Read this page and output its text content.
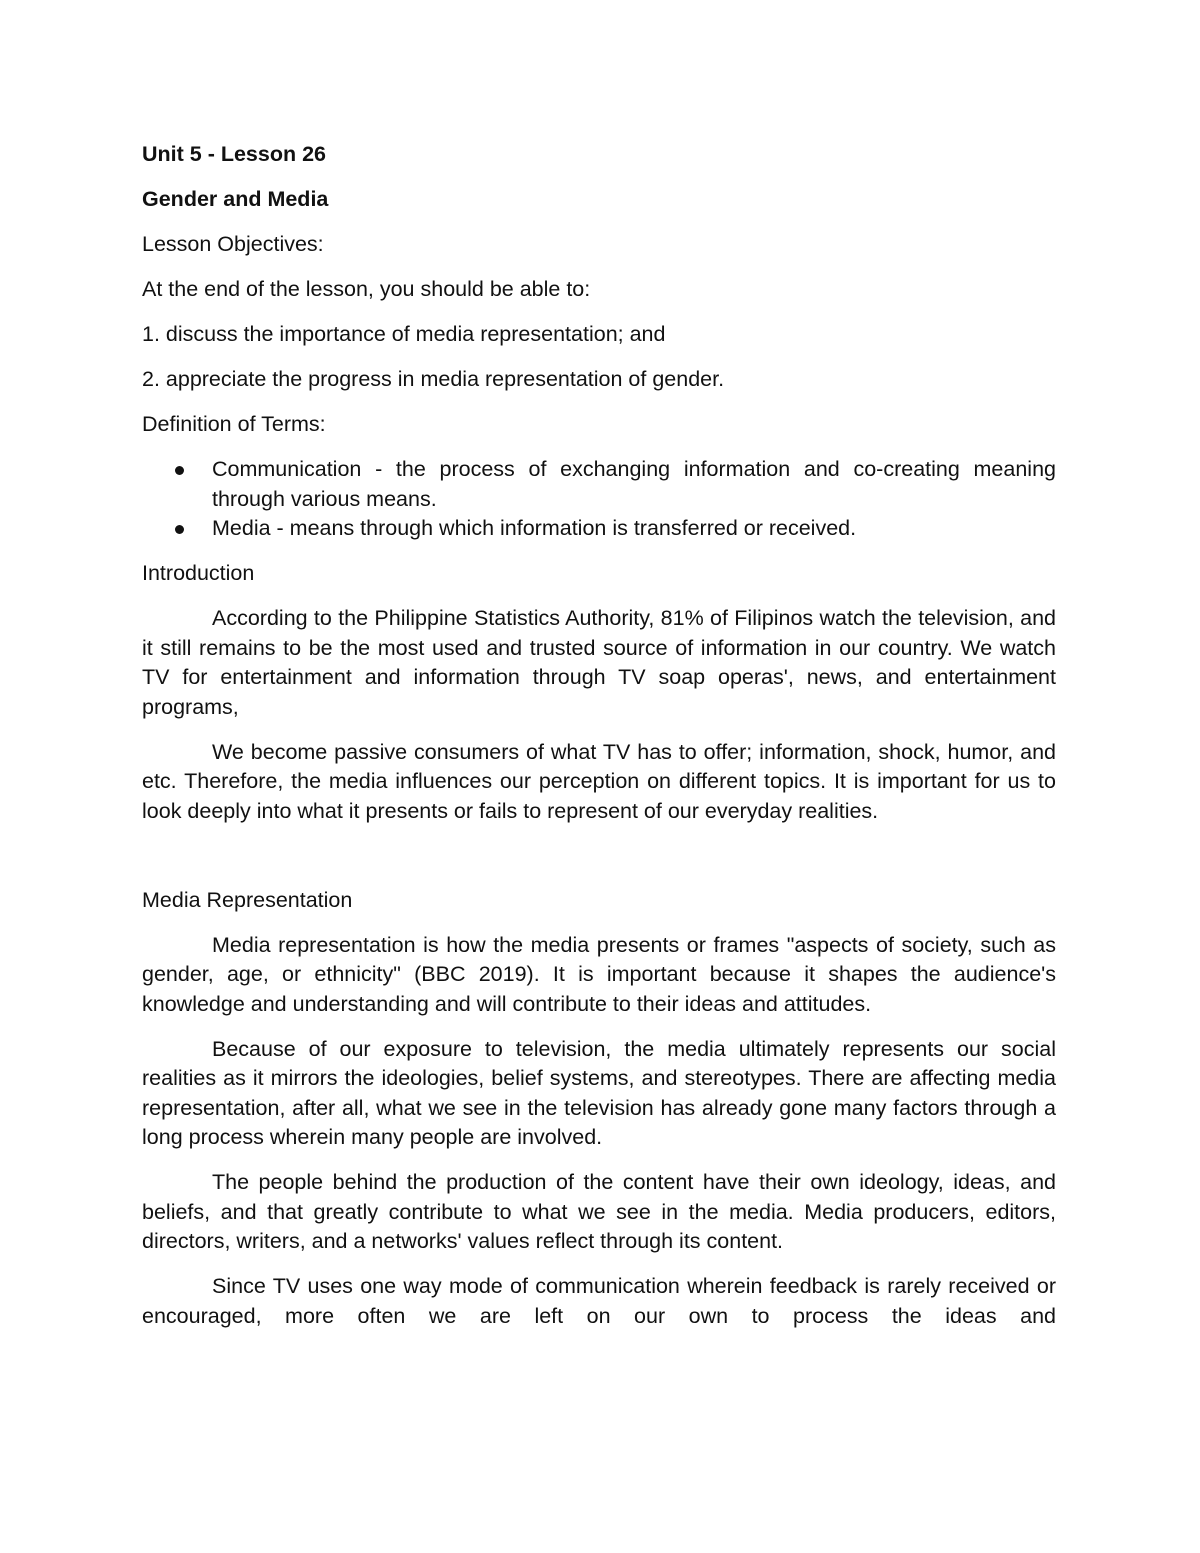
Unit 5 - Lesson 26
Gender and Media
Lesson Objectives:
At the end of the lesson, you should be able to:
1. discuss the importance of media representation; and
2. appreciate the progress in media representation of gender.
Definition of Terms:
Communication - the process of exchanging information and co-creating meaning through various means.
Media - means through which information is transferred or received.
Introduction

According to the Philippine Statistics Authority, 81% of Filipinos watch the television, and it still remains to be the most used and trusted source of information in our country. We watch TV for entertainment and information through TV soap operas', news, and entertainment programs,

We become passive consumers of what TV has to offer; information, shock, humor, and etc. Therefore, the media influences our perception on different topics. It is important for us to look deeply into what it presents or fails to represent of our everyday realities.

Media Representation

Media representation is how the media presents or frames "aspects of society, such as gender, age, or ethnicity" (BBC 2019). It is important because it shapes the audience's knowledge and understanding and will contribute to their ideas and attitudes.

Because of our exposure to television, the media ultimately represents our social realities as it mirrors the ideologies, belief systems, and stereotypes. There are affecting media representation, after all, what we see in the television has already gone many factors through a long process wherein many people are involved.

The people behind the production of the content have their own ideology, ideas, and beliefs, and that greatly contribute to what we see in the media. Media producers, editors, directors, writers, and a networks' values reflect through its content.

Since TV uses one way mode of communication wherein feedback is rarely received or encouraged, more often we are left on our own to process the ideas and
